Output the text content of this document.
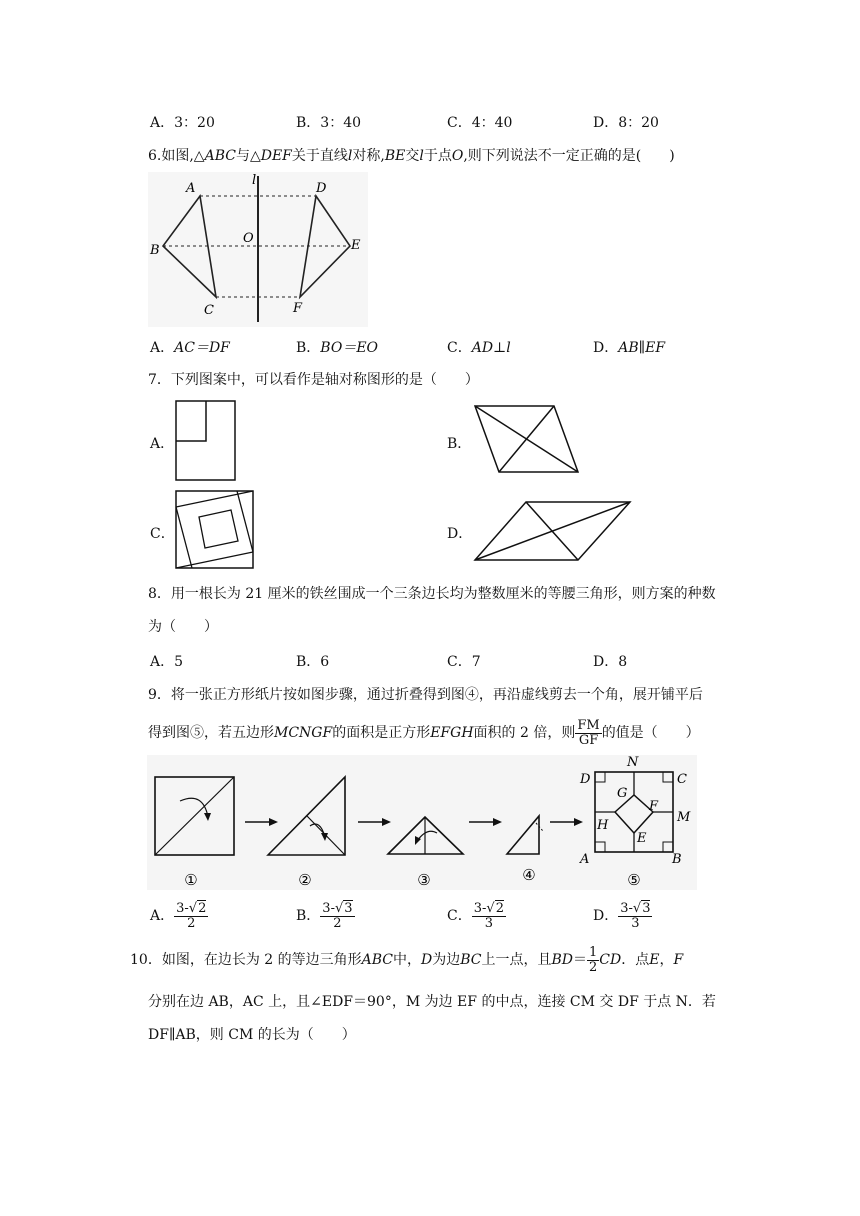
A．3：20	B．3：40	C．4：40	D．8：20
6.如图,△ABC与△DEF关于直线l对称,BE交l于点O,则下列说法不一定正确的是(　　)
A
B
C
D
E
F
O
l
A．AC＝DF	B．BO＝EO	C．AD⊥l	D．AB∥EF
7．下列图案中，可以看作是轴对称图形的是（　　）
A．	B．
C．	D．
8．用一根长为 21 厘米的铁丝围成一个三条边长均为整数厘米的等腰三角形，则方案的种数
为（　　）
A．5	B．6	C．7	D．8
9．将一张正方形纸片按如图步骤，通过折叠得到图④，再沿虚线剪去一个角，展开铺平后
得到图⑤，若五边形 MCNGF 的面积是正方形 EFGH 面积的 2 倍，则 $\frac{FM}{GF}$ 的值是（　　）
D
N
C
G
F
M
H
E
A	B
①	②	③	④	⑤
A． $\frac{3-√2}{2}$	B． $\frac{3-√3}{2}$	C． $\frac{3-√2}{3}$	D． $\frac{3-√3}{3}$
10．如图，在边长为 2 的等边三角形 ABC 中， D 为边 BC 上一点，且 BD ＝ $\frac{1}{2}$ CD ．点 E ， F
分别在边 AB，AC 上，且∠EDF＝90°，M 为边 EF 的中点，连接 CM 交 DF 于点 N．若
DF∥AB，则 CM 的长为（　　）
